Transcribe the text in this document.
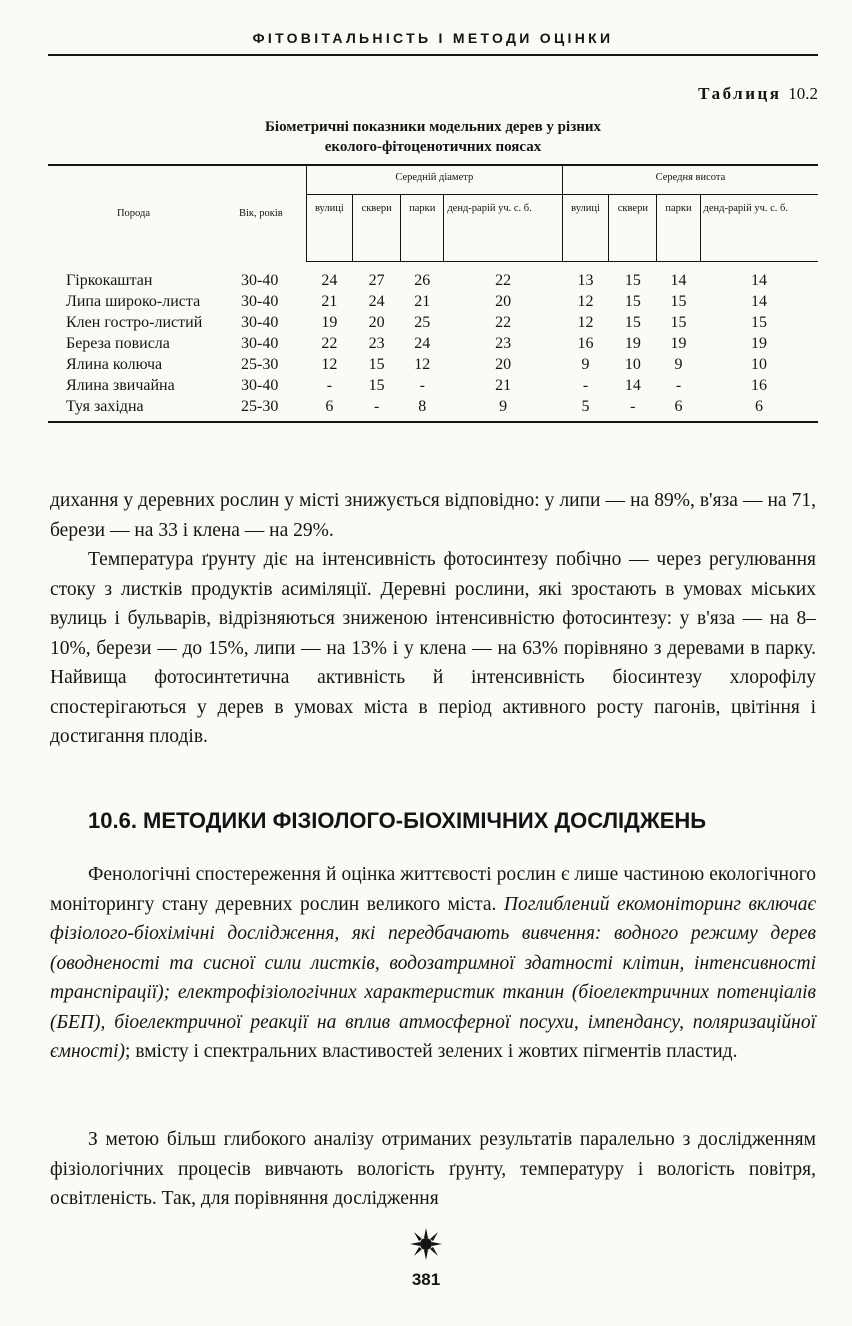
ФІТОВІТАЛЬНІСТЬ І МЕТОДИ ОЦІНКИ
Таблиця 10.2
Біометричні показники модельних дерев у різних
еколого-фітоценотичних поясах
Порода	Вік, років	Середній діаметр				Середня висота			
		вулиці	сквери	парки	денд-рарій уч. с. б.	вулиці	сквери	парки	денд-рарій уч. с. б.
Гіркокаштан	30-40	24	27	26	22	13	15	14	14
Липа широко-листа	30-40	21	24	21	20	12	15	15	14
Клен гостро-листий	30-40	19	20	25	22	12	15	15	15
Береза повисла	30-40	22	23	24	23	16	19	19	19
Ялина колюча	25-30	12	15	12	20	9	10	9	10
Ялина звичайна	30-40	-	15	-	21	-	14	-	16
Туя західна	25-30	6	-	8	9	5	-	6	6

дихання у деревних рослин у місті знижується відповідно: у липи — на 89%, в'яза — на 71, берези — на 33 і клена — на 29%.

Температура ґрунту діє на інтенсивність фотосинтезу побічно — через регулювання стоку з листків продуктів асиміляції. Деревні рослини, які зростають в умовах міських вулиць і бульварів, відрізняються зниженою інтенсивністю фотосинтезу: у в'яза — на 8–10%, берези — до 15%, липи — на 13% і у клена — на 63% порівняно з деревами в парку. Найвища фотосинтетична активність й інтенсивність біосинтезу хлорофілу спостерігаються у дерев в умовах міста в період активного росту пагонів, цвітіння і достигання плодів.

10.6. МЕТОДИКИ ФІЗІОЛОГО-БІОХІМІЧНИХ ДОСЛІДЖЕНЬ

Фенологічні спостереження й оцінка життєвості рослин є лише частиною екологічного моніторингу стану деревних рослин великого міста. Поглиблений екомоніторинг включає фізіолого-біохімічні дослідження, які передбачають вивчення: водного режиму дерев (оводненості та сисної сили листків, водозатримної здатності клітин, інтенсивності транспірації); електрофізіологічних характеристик тканин (біоелектричних потенціалів (БЕП), біоелектричної реакції на вплив атмосферної посухи, імпендансу, поляризаційної ємності); вмісту і спектральних властивостей зелених і жовтих пігментів пластид.

З метою більш глибокого аналізу отриманих результатів паралельно з дослідженням фізіологічних процесів вивчають вологість ґрунту, температуру і вологість повітря, освітленість. Так, для порівняння дослідження

381
